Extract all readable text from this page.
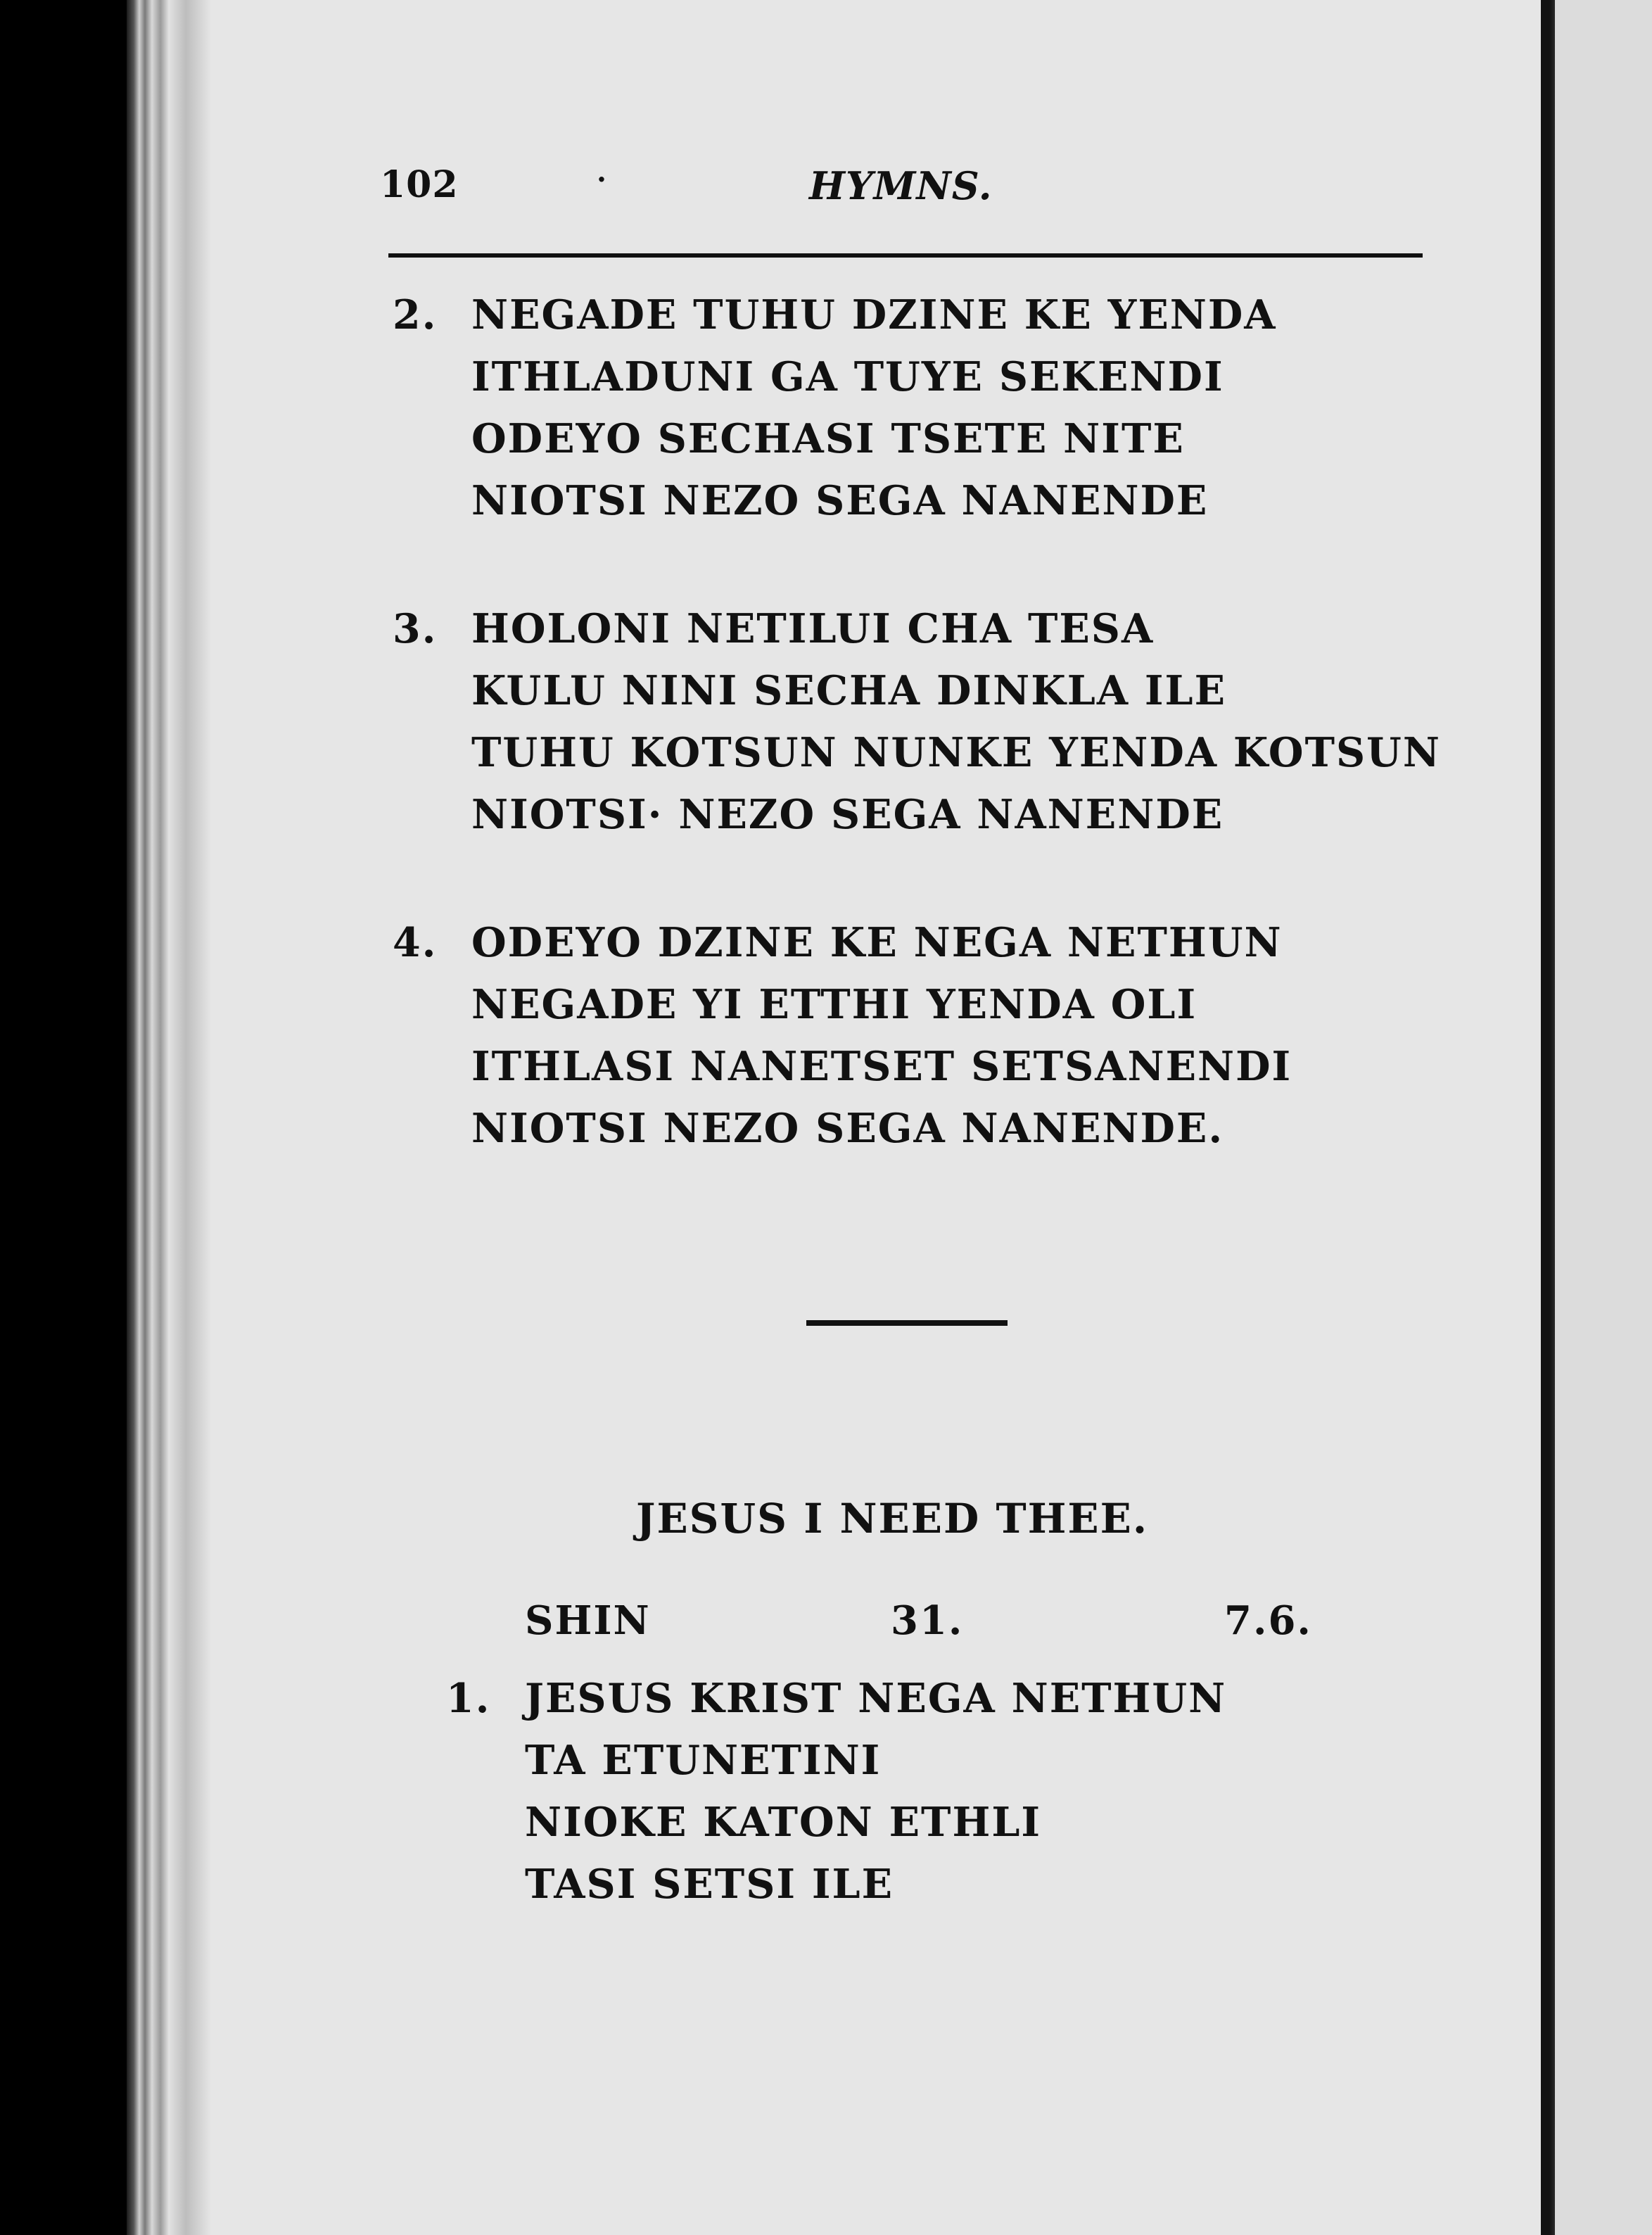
102	·	HYMNS.
2. NEGADE TUHU DZINE KE YENDA
ITHLADUNI GA TUYE SEKENDI
ODEYO SECHASI TSETE NITE
NIOTSI NEZO SEGA NANENDE
3. HOLONI NETILUI CHA TESA
KULU NINI SECHA DINKLA ILE
TUHU KOTSUN NUNKE YENDA KOTSUN
NIOTSI· NEZO SEGA NANENDE
4. ODEYO DZINE KE NEGA NETHUN
NEGADE YI ETTHI YENDA OLI
ITHLASI NANETSET SETSANENDI
NIOTSI NEZO SEGA NANENDE.
JESUS I NEED THEE.
SHIN	31.	7.6.
1. JESUS KRIST NEGA NETHUN
TA ETUNETINI
NIOKE KATON ETHLI
TASI SETSI ILE
